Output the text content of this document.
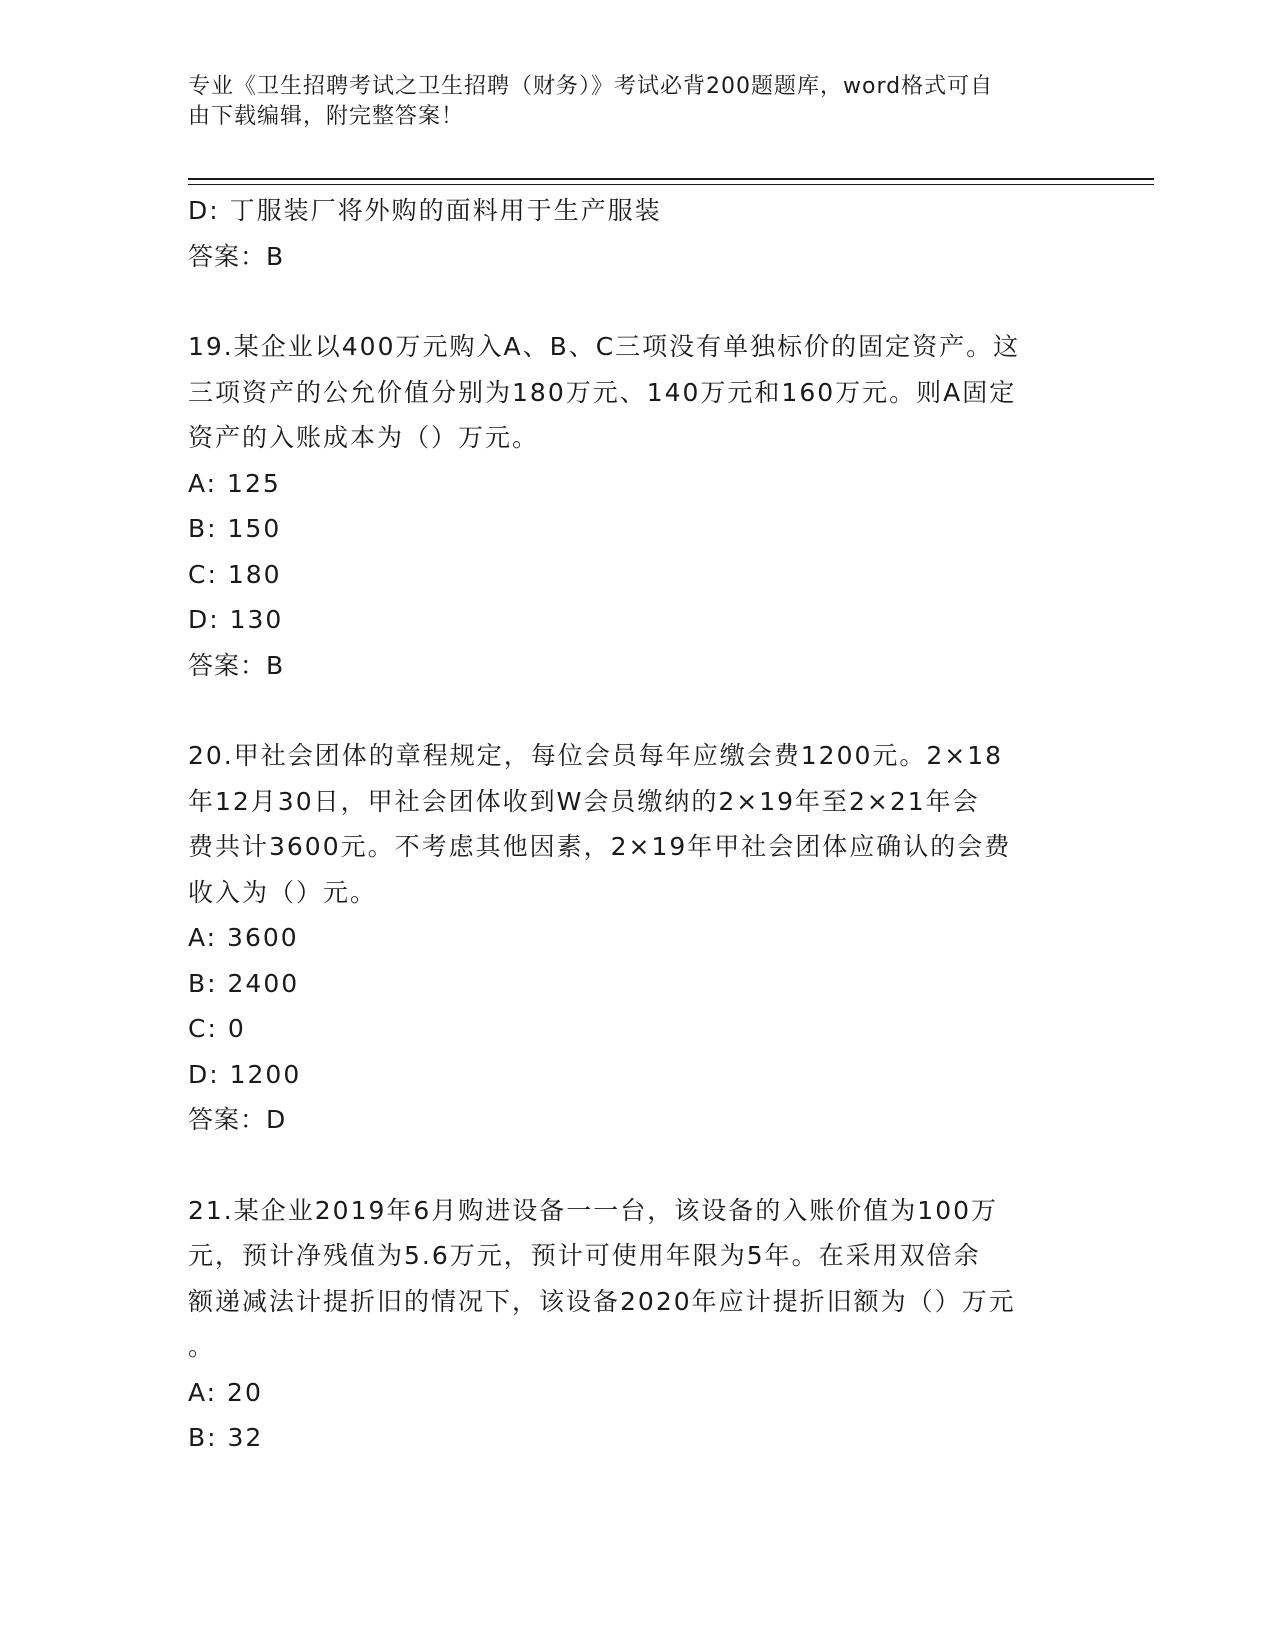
专业《卫生招聘考试之卫生招聘（财务）》考试必背200题题库，word格式可自
由下载编辑，附完整答案！
D: 丁服装厂将外购的面料用于生产服装
答案：B
19.某企业以400万元购入A、B、C三项没有单独标价的固定资产。这
三项资产的公允价值分别为180万元、140万元和160万元。则A固定
资产的入账成本为（）万元。
A: 125
B: 150
C: 180
D: 130
答案：B
20.甲社会团体的章程规定，每位会员每年应缴会费1200元。2×18
年12月30日，甲社会团体收到W会员缴纳的2×19年至2×21年会
费共计3600元。不考虑其他因素，2×19年甲社会团体应确认的会费
收入为（）元。
A: 3600
B: 2400
C: 0
D: 1200
答案：D
21.某企业2019年6月购进设备一一台，该设备的入账价值为100万
元，预计净残值为5.6万元，预计可使用年限为5年。在采用双倍余
额递减法计提折旧的情况下，该设备2020年应计提折旧额为（）万元
。
A: 20
B: 32
